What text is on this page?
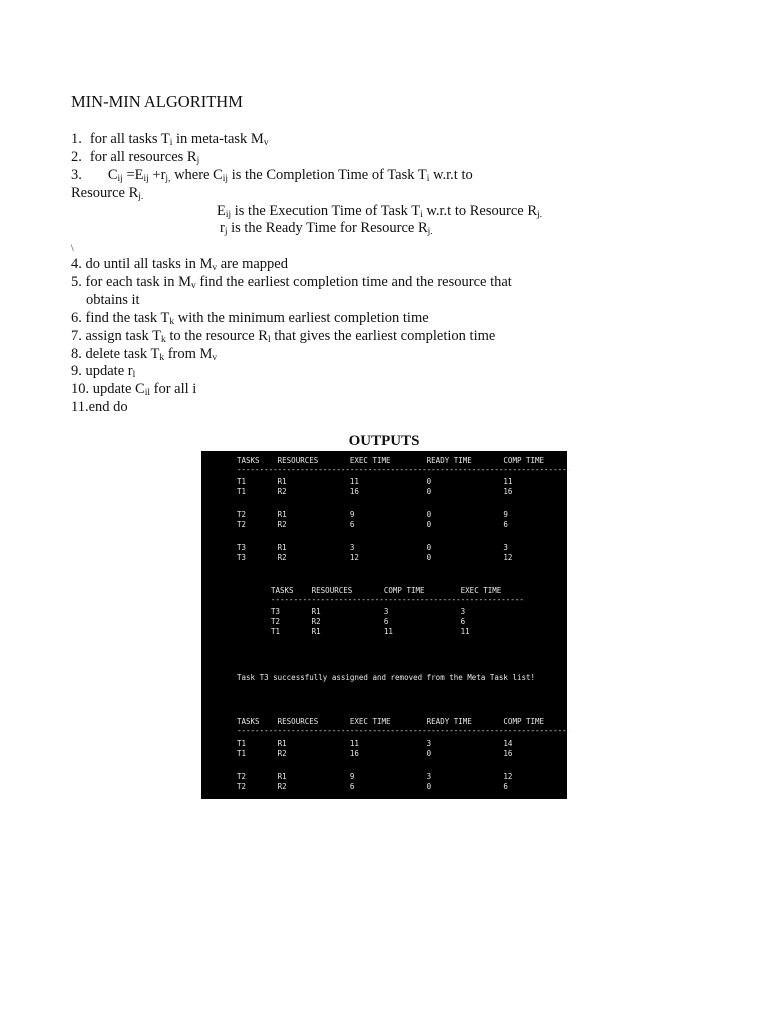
MIN-MIN ALGORITHM
1. for all tasks $T_i$ in meta-task $M_v$
2. for all resources $R_j$
3. $C_{ij} =E_{ij} +r_{j,}$ where $C_{ij}$ is the Completion Time of Task $T_i$ w.r.t to
Resource $R_{j.}$
$E_{ij}$ is the Execution Time of Task $T_i$ w.r.t to Resource $R_{j.}$
$r_j$ is the Ready Time for Resource $R_{j.}$
\
4. do until all tasks in $M_v$ are mapped
5. for each task in $M_v$ find the earliest completion time and the resource that
obtains it
6. find the task $T_k$ with the minimum earliest completion time
7. assign task $T_k$ to the resource $R_l$ that gives the earliest completion time
8. delete task $T_k$ from $M_v$
9. update $r_l$
10. update $C_{il}$ for all i
11.end do
OUTPUTS
TASKS    RESOURCES       EXEC TIME        READY TIME       COMP TIME
--------------------------------------------------------------------------
T1       R1              11               0                11
T1       R2              16               0                16
T2       R1              9                0                9
T2       R2              6                0                6
T3       R1              3                0                3
T3       R2              12               0                12
TASKS    RESOURCES       COMP TIME        EXEC TIME
--------------------------------------------------------
T3       R1              3                3
T2       R2              6                6
T1       R1              11               11
Task T3 successfully assigned and removed from the Meta Task list!
TASKS    RESOURCES       EXEC TIME        READY TIME       COMP TIME
--------------------------------------------------------------------------
T1       R1              11               3                14
T1       R2              16               0                16
T2       R1              9                3                12
T2       R2              6                0                6
